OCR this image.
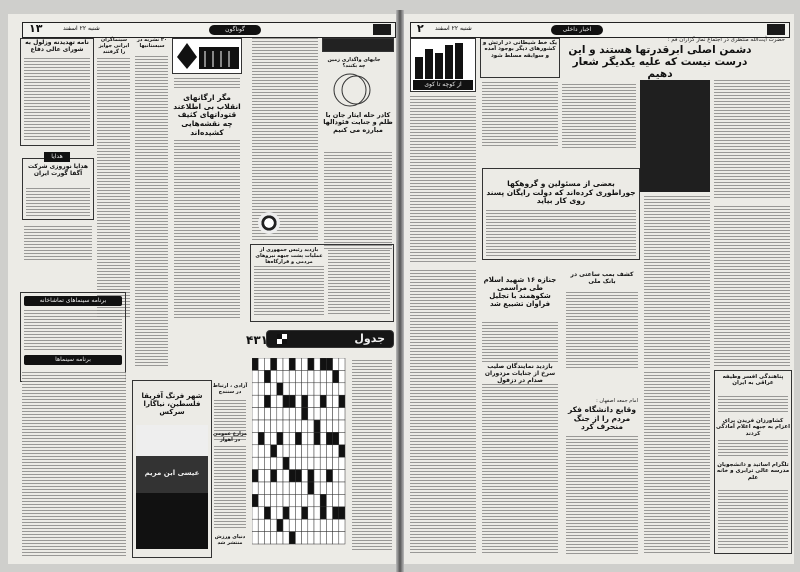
۱۳	شنبه ۲۲ اسفند	گوناگون
نامه تهدیدنه وزلول به شورای عالی دفاع
سینماگران ایرانی جوایز را گرفتند
۲۰ نشریه در سیستانیها
هدایا
هدایا نوروزی شرکت آگفا گورت ایران
برنامه سینماهای تماشاخانه
برنامه سینماها
شهر فرنگ آفریقا فلسطین، نیاگارا سرکس
عیسی ابن مریم
آزادی ، ارتباط در سنندج
مزارع عمومی در اهواز
دنیای ورزش منتشر شد
مگر ارگانهای انقلاب بی اطلاعند قتوداتهای کثیف چه نقشه‌هایی کشیده‌اند
جایهای واگذاری زمین چه بکنند؟
کادر حله ایثار جان با ظلم و جنایت فئودالها مبارزه می کنیم
بازدید رئیس جمهوری از عملیات پشت جبهه نیروهای مردمی و قرارگاه‌ها
جدول
۴۳۱
۲ شنبه ۲۲ اسفند	اخبار داخلی
از کوچه تا کوی
یک خط شیطانی در ارتش و کشورهای دیگر بوجود آمده و سوابقه مسلط شود
حضرت آیت‌الله منتظری در اجتماع نماز گزاران قم :
دشمن اصلی ابرقدرتها هستند و این درست نیست که علیه یکدیگر شعار دهیم
بعضی از مسئولین و گروهکها جوراطوری کرده‌اند که دولت رایگان پسند روی کار بیاید
جنازه ۱۶ شهید اسلام طی مراسمی شکوهمند با تجلیل فراوان تشییع شد
کشف بمب ساعتی در بانک ملی
بازدید نمایندگان صلیب سرخ از جنایات مزدوران صدام در دزفول
امام جمعه اصفهان :
وقایع دانشگاه فکر مردم را از جنگ منحرف کرد
پناهندگی افسر وظیفه عراقی به ایران
کشاورزان فریدن برای اعزام به جبهه اعلام آمادگی کردند
تلگرام اساتید و دانشجویان مدرسه عالی ترابری و خانه علم
